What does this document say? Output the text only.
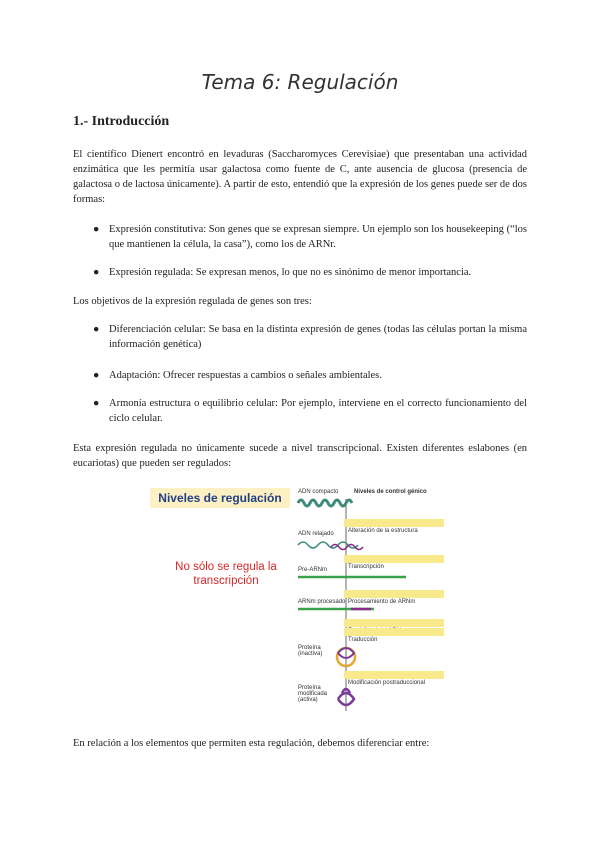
Tema 6: Regulación
1.- Introducción
El científico Dienert encontró en levaduras (Saccharomyces Cerevisiae) que presentaban una actividad enzimática que les permitía usar galactosa como fuente de C, ante ausencia de glucosa (presencia de galactosa o de lactosa únicamente). A partir de esto, entendió que la expresión de los genes puede ser de dos formas:
● Expresión constitutiva: Son genes que se expresan siempre. Un ejemplo son los housekeeping (“los que mantienen la célula, la casa”), como los de ARNr.
● Expresión regulada: Se expresan menos, lo que no es sinónimo de menor importancia.
Los objetivos de la expresión regulada de genes son tres:
● Diferenciación celular: Se basa en la distinta expresión de genes (todas las células portan la misma información genética)
● Adaptación: Ofrecer respuestas a cambios o señales ambientales.
● Armonía estructura o equilibrio celular: Por ejemplo, interviene en el correcto funcionamiento del ciclo celular.
Esta expresión regulada no únicamente sucede a nivel transcripcional. Existen diferentes eslabones (en eucariotas) que pueden ser regulados:
Niveles de regulación
No sólo se regula la transcripción
ADN compacto	Niveles de control génico
ADN relajado
Pre-ARNm
ARNm procesado
Proteína (inactiva)
Proteína modificada (activa)
Alteración de la estructura
Transcripción
Procesamiento de ARNm
Traducción
Modificación postraduccional
En relación a los elementos que permiten esta regulación, debemos diferenciar entre:
